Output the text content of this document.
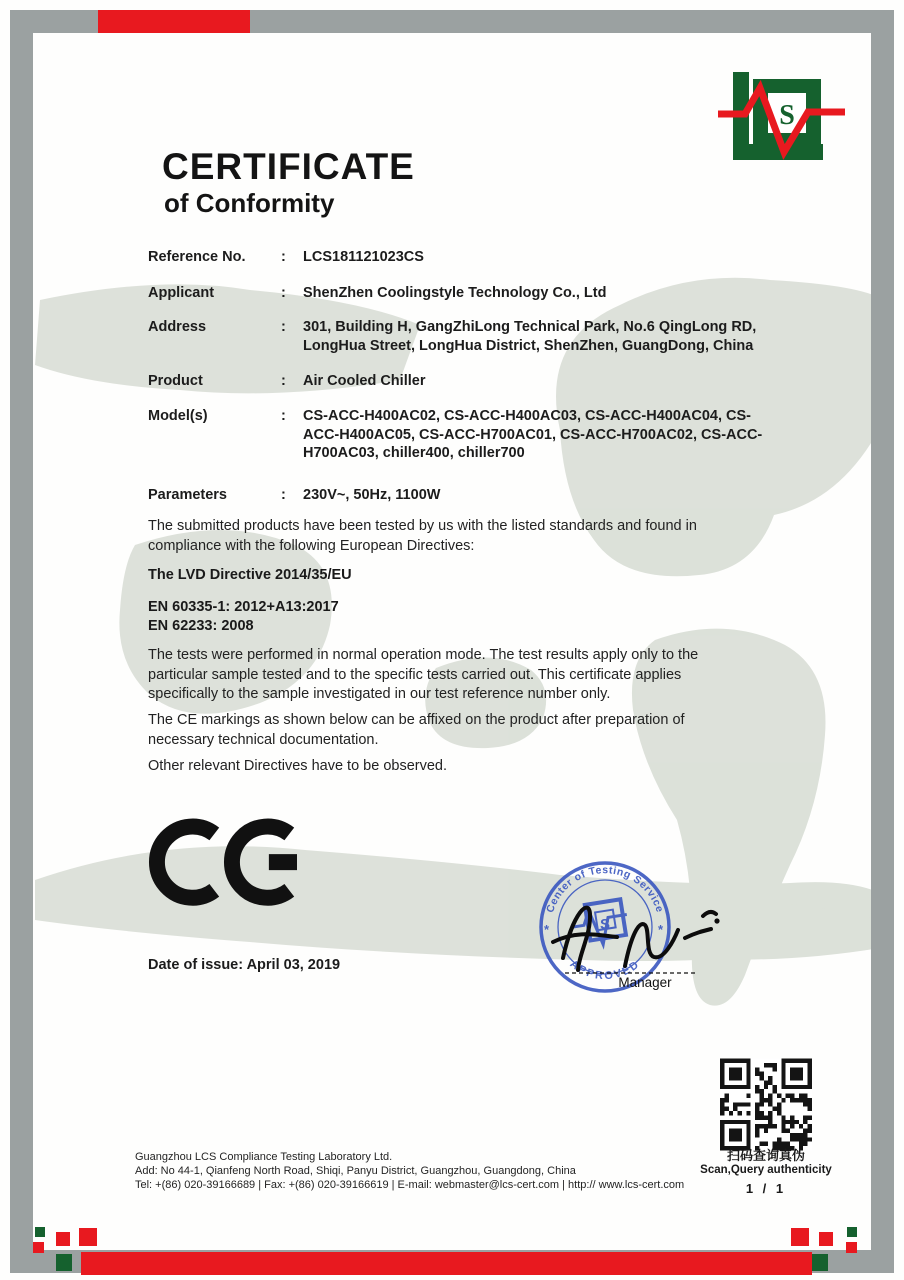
S
CERTIFICATE
of Conformity
Reference No.	:	LCS181121023CS
Applicant	:	ShenZhen Coolingstyle Technology Co., Ltd
Address	:	301, Building H, GangZhiLong Technical Park, No.6 QingLong RD, LongHua Street, LongHua District, ShenZhen, GuangDong, China
Product	:	Air Cooled Chiller
Model(s)	:	CS-ACC-H400AC02, CS-ACC-H400AC03, CS-ACC-H400AC04, CS-ACC-H400AC05, CS-ACC-H700AC01, CS-ACC-H700AC02, CS-ACC-H700AC03, chiller400, chiller700
Parameters	:	230V~, 50Hz, 1100W
The submitted products have been tested by us with the listed standards and found in compliance with the following European Directives:
The LVD Directive 2014/35/EU
EN 60335-1: 2012+A13:2017
EN 62233: 2008
The tests were performed in normal operation mode. The test results apply only to the particular sample tested and to the specific tests carried out. This certificate applies specifically to the sample investigated in our test reference number only.
The CE markings as shown below can be affixed on the product after preparation of necessary technical documentation.
Other relevant Directives have to be observed.
Date of issue: April 03, 2019
Center of Testing Service
APPROVED
*	*
S
Manager
Guangzhou LCS Compliance Testing Laboratory Ltd.
Add: No 44-1, Qianfeng North Road, Shiqi, Panyu District, Guangzhou, Guangdong, China
Tel: +(86) 020-39166689 | Fax: +(86) 020-39166619 | E-mail: webmaster@lcs-cert.com | http:// www.lcs-cert.com
扫码查询真伪
Scan,Query authenticity
1 / 1
